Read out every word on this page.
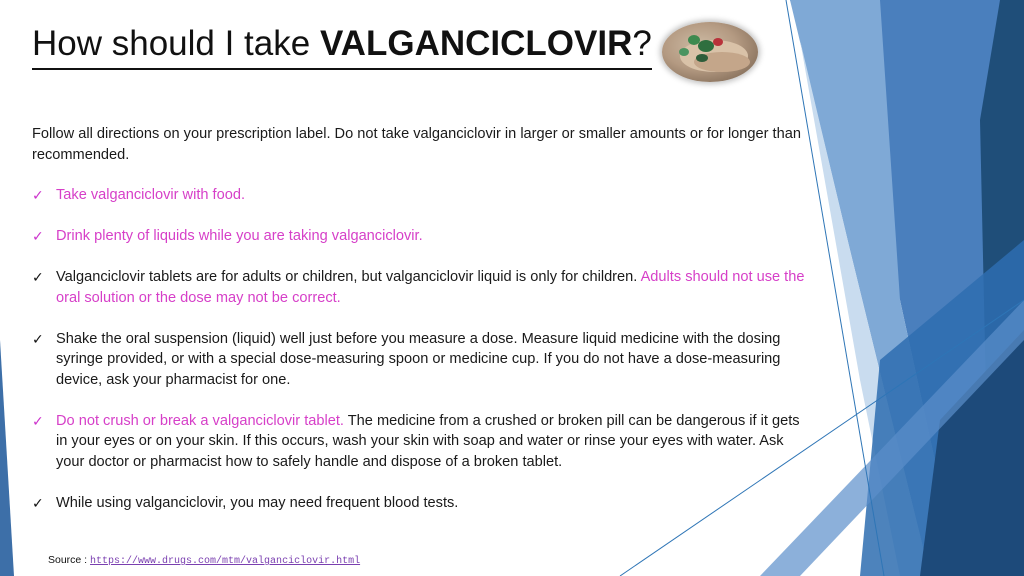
How should I take VALGANCICLOVIR?

Follow all directions on your prescription label. Do not take valganciclovir in larger or smaller amounts or for longer than recommended.

✓ Take valganciclovir with food.
✓ Drink plenty of liquids while you are taking valganciclovir.
✓ Valganciclovir tablets are for adults or children, but valganciclovir liquid is only for children. Adults should not use the oral solution or the dose may not be correct.
✓ Shake the oral suspension (liquid) well just before you measure a dose. Measure liquid medicine with the dosing syringe provided, or with a special dose-measuring spoon or medicine cup. If you do not have a dose-measuring device, ask your pharmacist for one.
✓ Do not crush or break a valganciclovir tablet. The medicine from a crushed or broken pill can be dangerous if it gets in your eyes or on your skin. If this occurs, wash your skin with soap and water or rinse your eyes with water. Ask your doctor or pharmacist how to safely handle and dispose of a broken tablet.
✓ While using valganciclovir, you may need frequent blood tests.
Source : https://www.drugs.com/mtm/valganciclovir.html
